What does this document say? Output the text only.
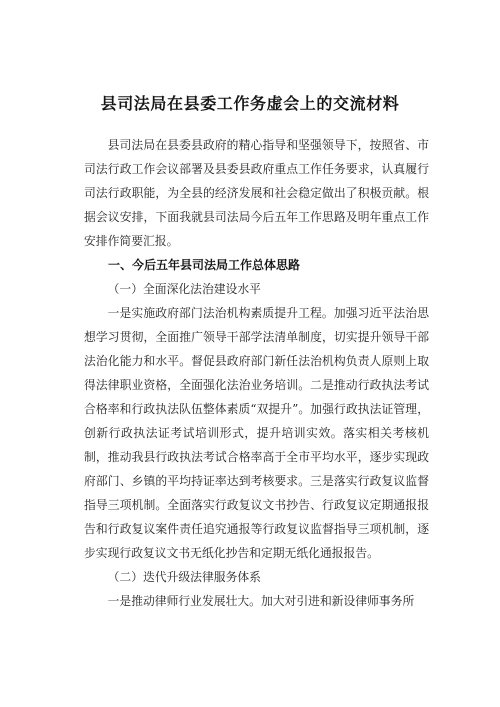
县司法局在县委工作务虚会上的交流材料

县司法局在县委县政府的精心指导和坚强领导下，按照省、市司法行政工作会议部署及县委县政府重点工作任务要求，认真履行司法行政职能，为全县的经济发展和社会稳定做出了积极贡献。根据会议安排，下面我就县司法局今后五年工作思路及明年重点工作安排作简要汇报。

一、今后五年县司法局工作总体思路

（一）全面深化法治建设水平

一是实施政府部门法治机构素质提升工程。加强习近平法治思想学习贯彻，全面推广领导干部学法清单制度，切实提升领导干部法治化能力和水平。督促县政府部门新任法治机构负责人原则上取得法律职业资格，全面强化法治业务培训。二是推动行政执法考试合格率和行政执法队伍整体素质“双提升”。加强行政执法证管理，创新行政执法证考试培训形式，提升培训实效。落实相关考核机制，推动我县行政执法考试合格率高于全市平均水平，逐步实现政府部门、乡镇的平均持证率达到考核要求。三是落实行政复议监督指导三项机制。全面落实行政复议文书抄告、行政复议定期通报报告和行政复议案件责任追究通报等行政复议监督指导三项机制，逐步实现行政复议文书无纸化抄告和定期无纸化通报报告。

（二）迭代升级法律服务体系

一是推动律师行业发展壮大。加大对引进和新设律师事务所
